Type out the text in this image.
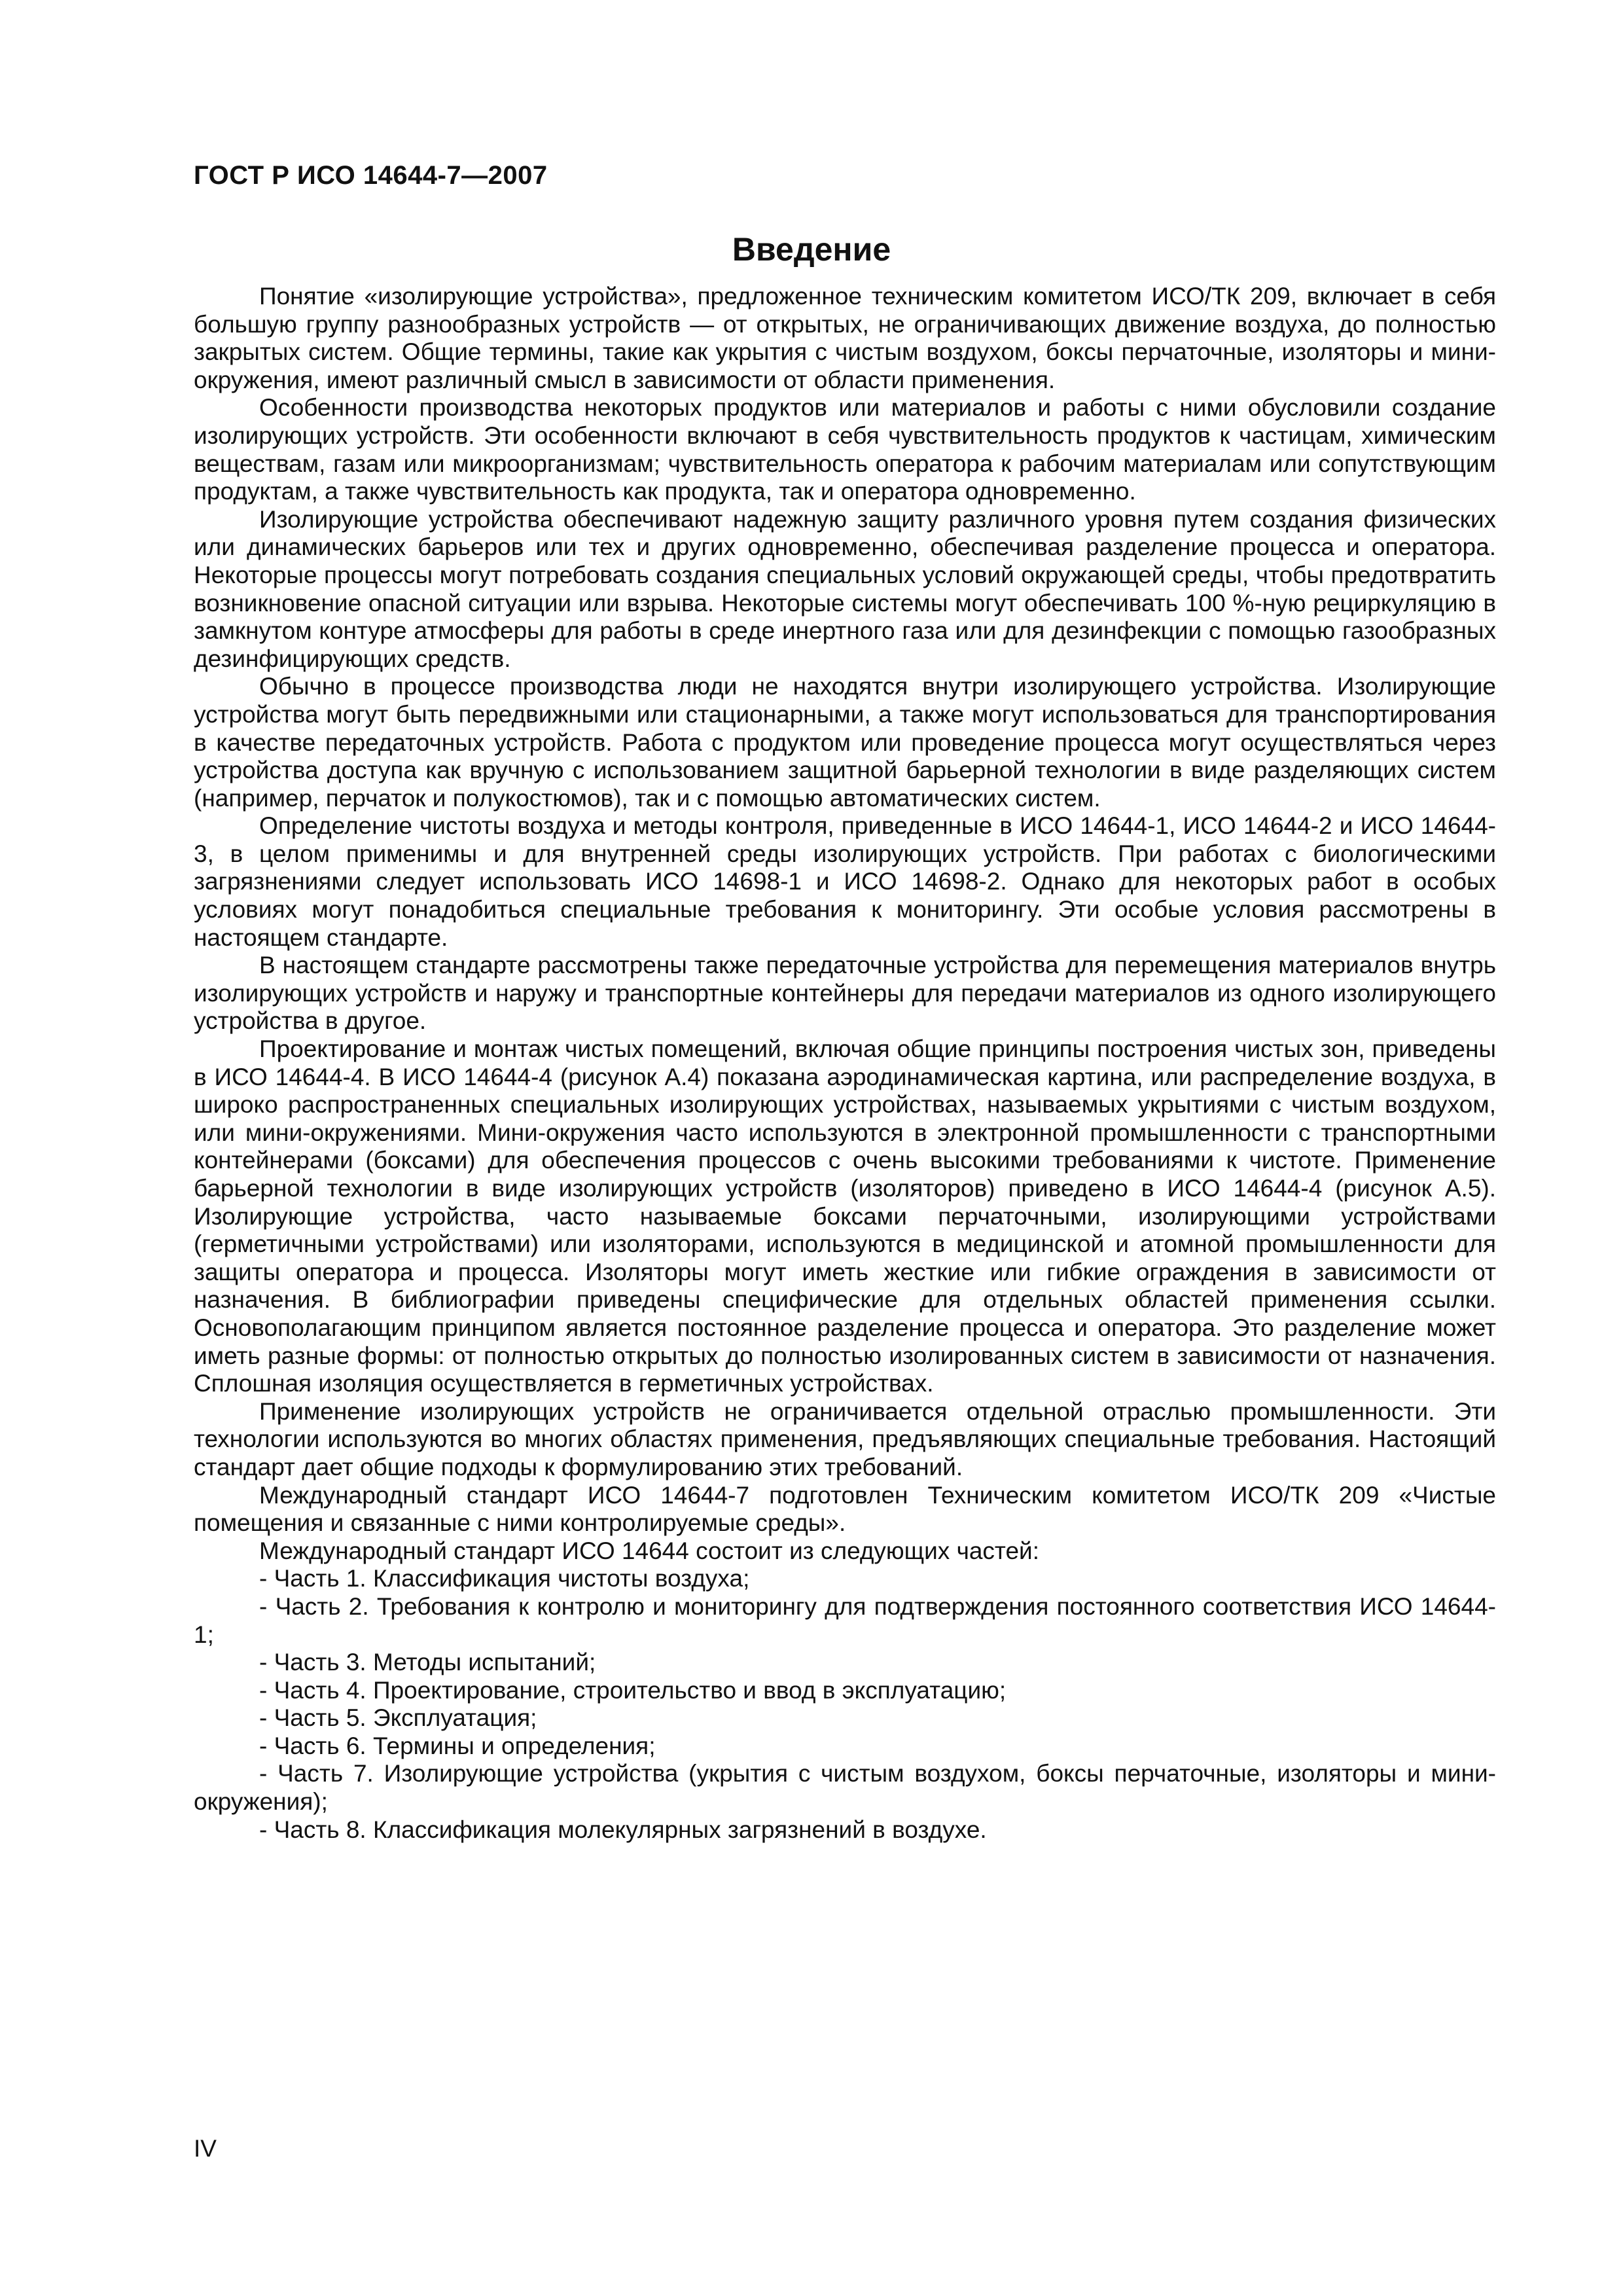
ГОСТ Р ИСО 14644-7—2007
Введение

Понятие «изолирующие устройства», предложенное техническим комитетом ИСО/ТК 209, включает в себя большую группу разнообразных устройств — от открытых, не ограничивающих движение воздуха, до полностью закрытых систем. Общие термины, такие как укрытия с чистым воздухом, боксы перчаточные, изоляторы и мини-окружения, имеют различный смысл в зависимости от области применения.

Особенности производства некоторых продуктов или материалов и работы с ними обусловили создание изолирующих устройств. Эти особенности включают в себя чувствительность продуктов к частицам, химическим веществам, газам или микроорганизмам; чувствительность оператора к рабочим материалам или сопутствующим продуктам, а также чувствительность как продукта, так и оператора одновременно.

Изолирующие устройства обеспечивают надежную защиту различного уровня путем создания физических или динамических барьеров или тех и других одновременно, обеспечивая разделение процесса и оператора. Некоторые процессы могут потребовать создания специальных условий окружающей среды, чтобы предотвратить возникновение опасной ситуации или взрыва. Некоторые системы могут обеспечивать 100 %-ную рециркуляцию в замкнутом контуре атмосферы для работы в среде инертного газа или для дезинфекции с помощью газообразных дезинфицирующих средств.

Обычно в процессе производства люди не находятся внутри изолирующего устройства. Изолирующие устройства могут быть передвижными или стационарными, а также могут использоваться для транспортирования в качестве передаточных устройств. Работа с продуктом или проведение процесса могут осуществляться через устройства доступа как вручную с использованием защитной барьерной технологии в виде разделяющих систем (например, перчаток и полукостюмов), так и с помощью автоматических систем.

Определение чистоты воздуха и методы контроля, приведенные в ИСО 14644-1, ИСО 14644-2 и ИСО 14644-3, в целом применимы и для внутренней среды изолирующих устройств. При работах с биологическими загрязнениями следует использовать ИСО 14698-1 и ИСО 14698-2. Однако для некоторых работ в особых условиях могут понадобиться специальные требования к мониторингу. Эти особые условия рассмотрены в настоящем стандарте.

В настоящем стандарте рассмотрены также передаточные устройства для перемещения материалов внутрь изолирующих устройств и наружу и транспортные контейнеры для передачи материалов из одного изолирующего устройства в другое.

Проектирование и монтаж чистых помещений, включая общие принципы построения чистых зон, приведены в ИСО 14644-4. В ИСО 14644-4 (рисунок А.4) показана аэродинамическая картина, или распределение воздуха, в широко распространенных специальных изолирующих устройствах, называемых укрытиями с чистым воздухом, или мини-окружениями. Мини-окружения часто используются в электронной промышленности с транспортными контейнерами (боксами) для обеспечения процессов с очень высокими требованиями к чистоте. Применение барьерной технологии в виде изолирующих устройств (изоляторов) приведено в ИСО 14644-4 (рисунок А.5). Изолирующие устройства, часто называемые боксами перчаточными, изолирующими устройствами (герметичными устройствами) или изоляторами, используются в медицинской и атомной промышленности для защиты оператора и процесса. Изоляторы могут иметь жесткие или гибкие ограждения в зависимости от назначения. В библиографии приведены специфические для отдельных областей применения ссылки. Основополагающим принципом является постоянное разделение процесса и оператора. Это разделение может иметь разные формы: от полностью открытых до полностью изолированных систем в зависимости от назначения. Сплошная изоляция осуществляется в герметичных устройствах.

Применение изолирующих устройств не ограничивается отдельной отраслью промышленности. Эти технологии используются во многих областях применения, предъявляющих специальные требования. Настоящий стандарт дает общие подходы к формулированию этих требований.

Международный стандарт ИСО 14644-7 подготовлен Техническим комитетом ИСО/ТК 209 «Чистые помещения и связанные с ними контролируемые среды».

Международный стандарт ИСО 14644 состоит из следующих частей:

- Часть 1. Классификация чистоты воздуха;

- Часть 2. Требования к контролю и мониторингу для подтверждения постоянного соответствия ИСО 14644-1;

- Часть 3. Методы испытаний;

- Часть 4. Проектирование, строительство и ввод в эксплуатацию;

- Часть 5. Эксплуатация;

- Часть 6. Термины и определения;

- Часть 7. Изолирующие устройства (укрытия с чистым воздухом, боксы перчаточные, изоляторы и мини-окружения);

- Часть 8. Классификация молекулярных загрязнений в воздухе.

IV
